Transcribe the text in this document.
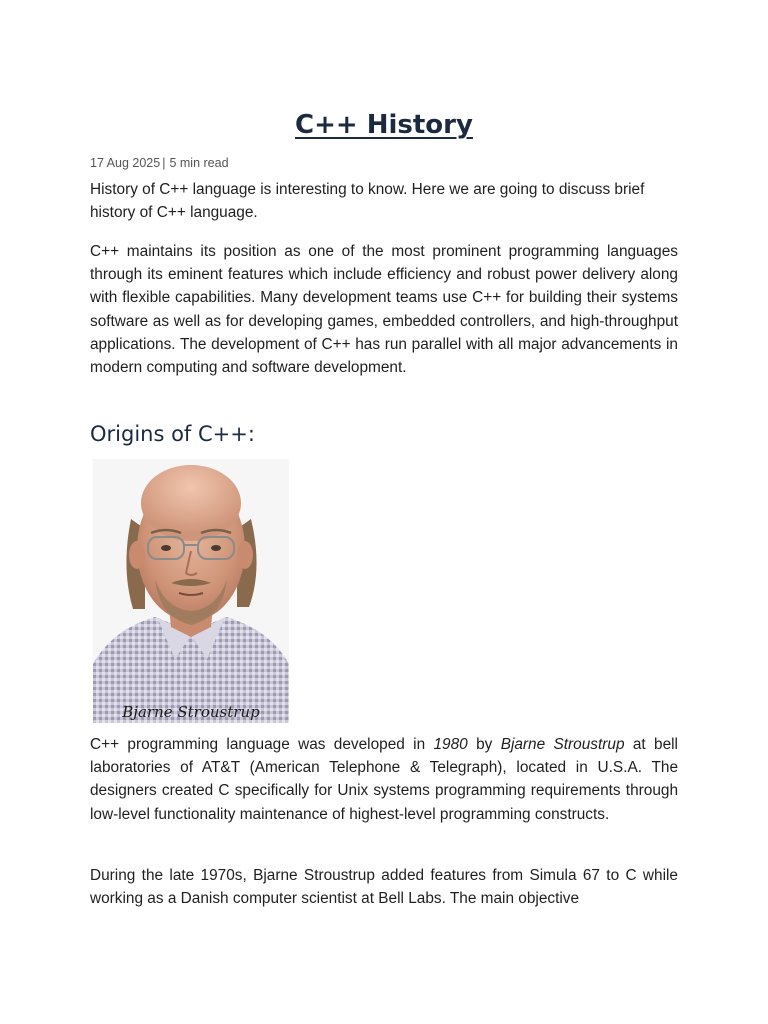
C++ History
17 Aug 2025 | 5 min read

History of C++ language is interesting to know. Here we are going to discuss brief history of C++ language.

C++ maintains its position as one of the most prominent programming languages through its eminent features which include efficiency and robust power delivery along with flexible capabilities. Many development teams use C++ for building their systems software as well as for developing games, embedded controllers, and high-throughput applications. The development of C++ has run parallel with all major advancements in modern computing and software development.

Origins of C++:
Bjarne Stroustrup

C++ programming language was developed in 1980 by Bjarne Stroustrup at bell laboratories of AT&T (American Telephone & Telegraph), located in U.S.A. The designers created C specifically for Unix systems programming requirements through low-level functionality maintenance of highest-level programming constructs.

During the late 1970s, Bjarne Stroustrup added features from Simula 67 to C while working as a Danish computer scientist at Bell Labs. The main objective
